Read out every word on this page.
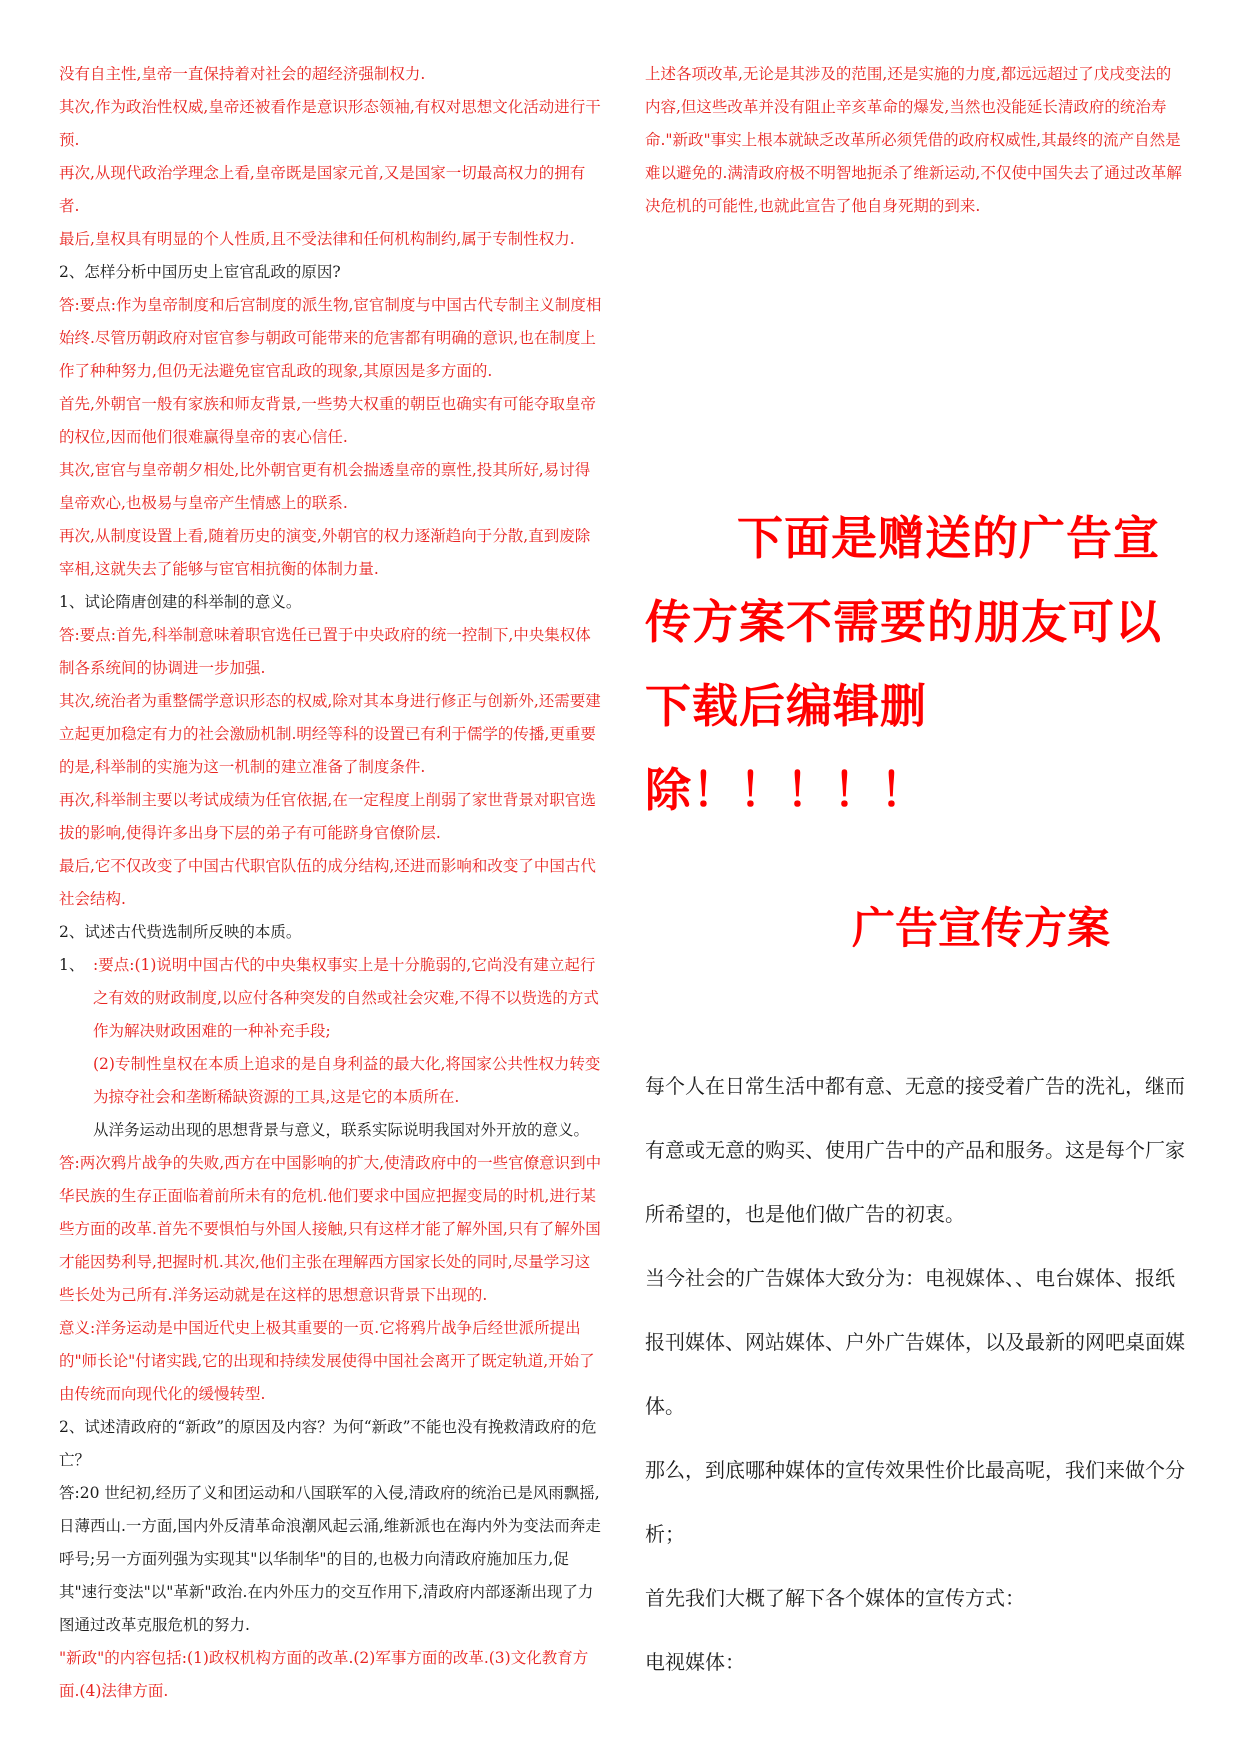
没有自主性,皇帝一直保持着对社会的超经济强制权力.

其次,作为政治性权威,皇帝还被看作是意识形态领袖,有权对思想文化活动进行干预.

再次,从现代政治学理念上看,皇帝既是国家元首,又是国家一切最高权力的拥有者.

最后,皇权具有明显的个人性质,且不受法律和任何机构制约,属于专制性权力.

2、怎样分析中国历史上宦官乱政的原因?

答:要点:作为皇帝制度和后宫制度的派生物,宦官制度与中国古代专制主义制度相始终.尽管历朝政府对宦官参与朝政可能带来的危害都有明确的意识,也在制度上作了种种努力,但仍无法避免宦官乱政的现象,其原因是多方面的.

首先,外朝官一般有家族和师友背景,一些势大权重的朝臣也确实有可能夺取皇帝的权位,因而他们很难赢得皇帝的衷心信任.

其次,宦官与皇帝朝夕相处,比外朝官更有机会揣透皇帝的禀性,投其所好,易讨得皇帝欢心,也极易与皇帝产生情感上的联系.

再次,从制度设置上看,随着历史的演变,外朝官的权力逐渐趋向于分散,直到废除宰相,这就失去了能够与宦官相抗衡的体制力量.

1、试论隋唐创建的科举制的意义。

答:要点:首先,科举制意味着职官选任已置于中央政府的统一控制下,中央集权体制各系统间的协调进一步加强.

其次,统治者为重整儒学意识形态的权威,除对其本身进行修正与创新外,还需要建立起更加稳定有力的社会激励机制.明经等科的设置已有利于儒学的传播,更重要的是,科举制的实施为这一机制的建立准备了制度条件.

再次,科举制主要以考试成绩为任官依据,在一定程度上削弱了家世背景对职官选拔的影响,使得许多出身下层的弟子有可能跻身官僚阶层.

最后,它不仅改变了中国古代职官队伍的成分结构,还进而影响和改变了中国古代社会结构.

2、试述古代赀选制所反映的本质。

1、 :要点:(1)说明中国古代的中央集权事实上是十分脆弱的,它尚没有建立起行之有效的财政制度,以应付各种突发的自然或社会灾难,不得不以赀选的方式作为解决财政困难的一种补充手段;

(2)专制性皇权在本质上追求的是自身利益的最大化,将国家公共性权力转变为掠夺社会和垄断稀缺资源的工具,这是它的本质所在.

从洋务运动出现的思想背景与意义，联系实际说明我国对外开放的意义。

答:两次鸦片战争的失败,西方在中国影响的扩大,使清政府中的一些官僚意识到中华民族的生存正面临着前所未有的危机.他们要求中国应把握变局的时机,进行某些方面的改革.首先不要惧怕与外国人接触,只有这样才能了解外国,只有了解外国才能因势利导,把握时机.其次,他们主张在理解西方国家长处的同时,尽量学习这些长处为己所有.洋务运动就是在这样的思想意识背景下出现的.

意义:洋务运动是中国近代史上极其重要的一页.它将鸦片战争后经世派所提出的"师长论"付诸实践,它的出现和持续发展使得中国社会离开了既定轨道,开始了由传统而向现代化的缓慢转型.

2、试述清政府的“新政”的原因及内容？为何“新政”不能也没有挽救清政府的危亡？

答:20 世纪初,经历了义和团运动和八国联军的入侵,清政府的统治已是风雨飘摇,日薄西山.一方面,国内外反清革命浪潮风起云涌,维新派也在海内外为变法而奔走呼号;另一方面列强为实现其"以华制华"的目的,也极力向清政府施加压力,促其"速行变法"以"革新"政治.在内外压力的交互作用下,清政府内部逐渐出现了力图通过改革克服危机的努力.

"新政"的内容包括:(1)政权机构方面的改革.(2)军事方面的改革.(3)文化教育方面.(4)法律方面.

上述各项改革,无论是其涉及的范围,还是实施的力度,都远远超过了戊戌变法的内容,但这些改革并没有阻止辛亥革命的爆发,当然也没能延长清政府的统治寿命."新政"事实上根本就缺乏改革所必须凭借的政府权威性,其最终的流产自然是难以避免的.满清政府极不明智地扼杀了维新运动,不仅使中国失去了通过改革解决危机的可能性,也就此宣告了他自身死期的到来.

下面是赠送的广告宣
传方案不需要的朋友可以
下载后编辑删除！！！！！
广告宣传方案

每个人在日常生活中都有意、无意的接受着广告的洗礼，继而有意或无意的购买、使用广告中的产品和服务。这是每个厂家所希望的，也是他们做广告的初衷。

当今社会的广告媒体大致分为：电视媒体、、电台媒体、报纸报刊媒体、网站媒体、户外广告媒体，以及最新的网吧桌面媒体。

那么，到底哪种媒体的宣传效果性价比最高呢，我们来做个分析；

首先我们大概了解下各个媒体的宣传方式：

电视媒体：
